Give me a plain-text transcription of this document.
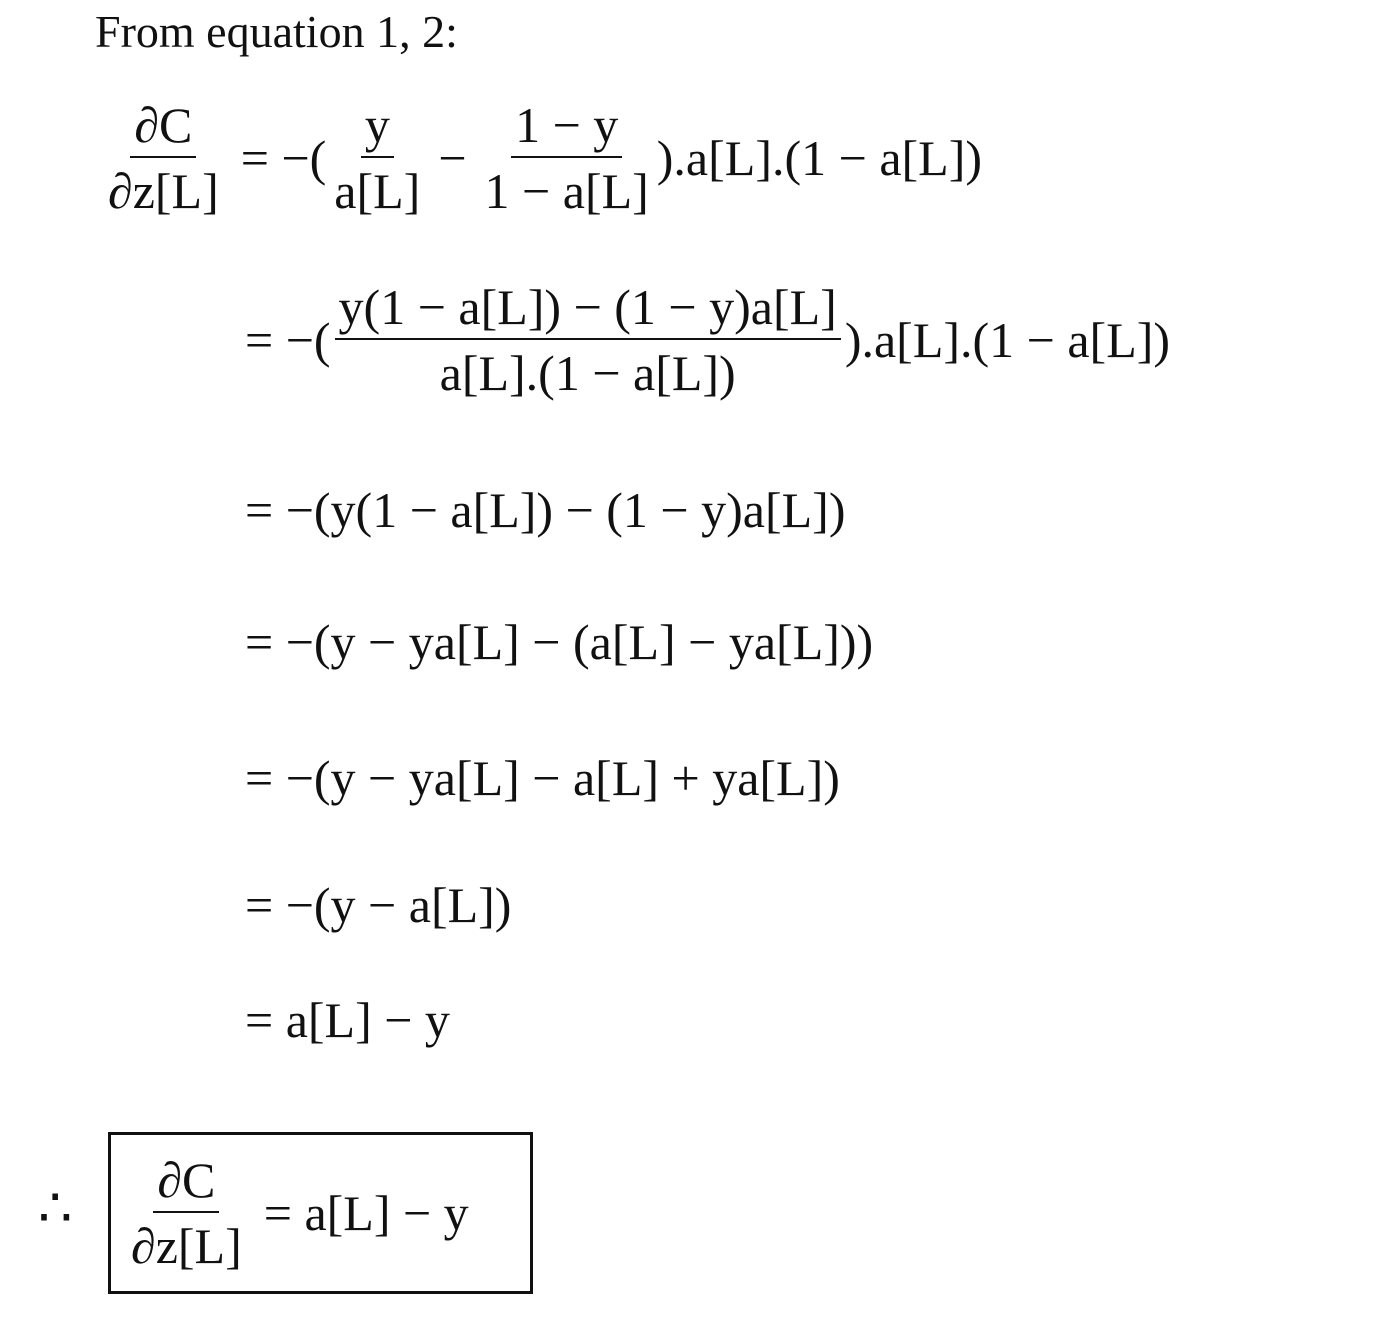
From equation 1, 2:
$\frac{\partial C}{\partial z[L]}$ = −( $\frac{y}{a[L]} - \frac{1 - y}{1 - a[L]} ).a[L].(1 - a[L])$
= −( $\frac{y(1 - a[L]) - (1 - y)a[L]}{a[L].(1 - a[L])} ).a[L].(1 - a[L])$
= −(y(1 − a[L]) − (1 − y)a[L])
= −(y − ya[L] − (a[L] − ya[L]))
= −(y − ya[L] − a[L] + ya[L])
= −(y − a[L])
= a[L] − y
∴ $\frac{\partial C}{\partial z[L]} = a[L] - y$
